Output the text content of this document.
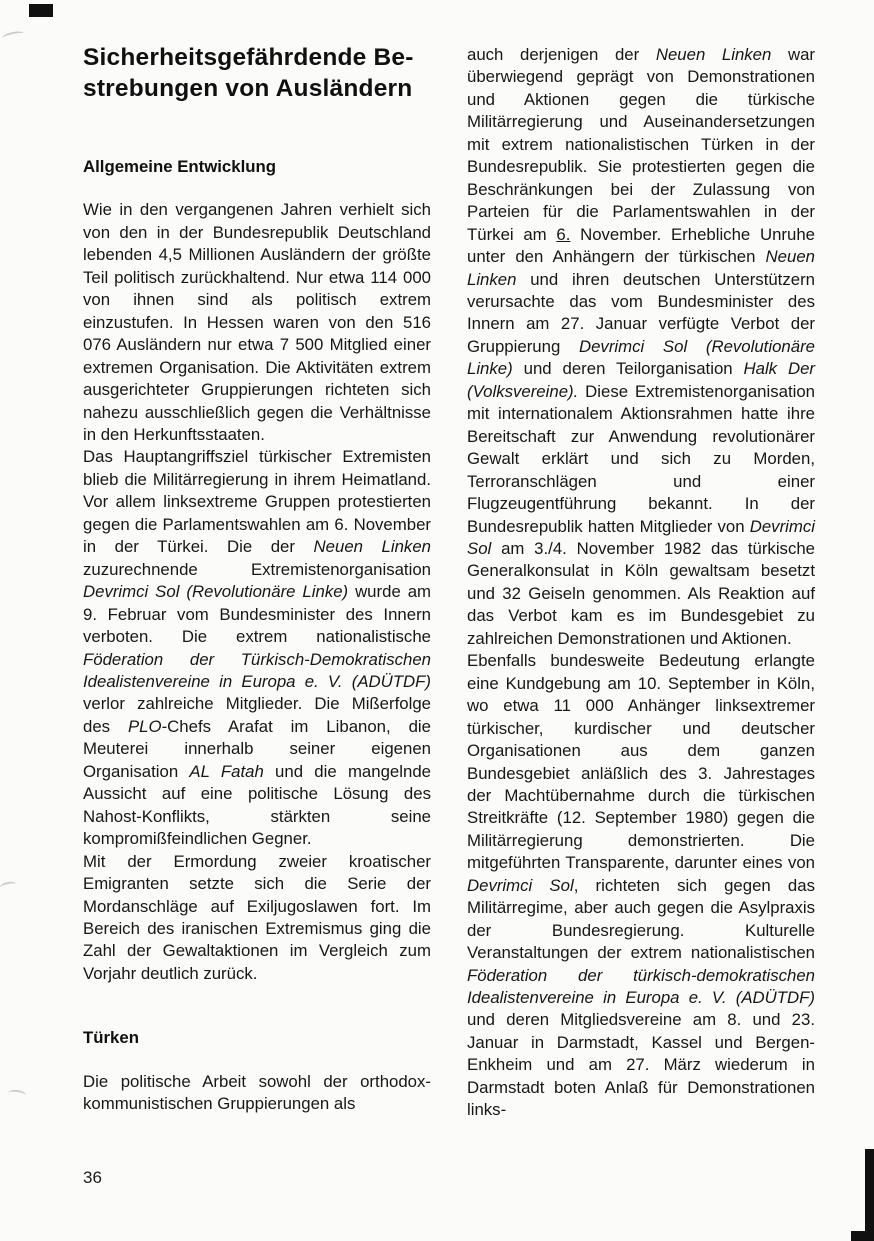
Sicherheitsgefährdende Be-
strebungen von Ausländern
Allgemeine Entwicklung

Wie in den vergangenen Jahren verhielt sich von den in der Bundesrepublik Deutschland lebenden 4,5 Millionen Ausländern der größte Teil politisch zurückhaltend. Nur etwa 114 000 von ihnen sind als politisch extrem einzustufen. In Hessen waren von den 516 076 Ausländern nur etwa 7 500 Mitglied einer extremen Organisation. Die Aktivitäten extrem ausgerichteter Gruppierungen richteten sich nahezu ausschließlich gegen die Verhältnisse in den Herkunftsstaaten.

Das Hauptangriffsziel türkischer Extremisten blieb die Militärregierung in ihrem Heimatland. Vor allem linksextreme Gruppen protestierten gegen die Parlamentswahlen am 6. November in der Türkei. Die der Neuen Linken zuzurechnende Extremistenorganisation Devrimci Sol (Revolutionäre Linke) wurde am 9. Februar vom Bundesminister des Innern verboten. Die extrem nationalistische Föderation der Türkisch-Demokratischen Idealistenvereine in Europa e. V. (ADÜTDF) verlor zahlreiche Mitglieder. Die Mißerfolge des PLO-Chefs Arafat im Libanon, die Meuterei innerhalb seiner eigenen Organisation AL Fatah und die mangelnde Aussicht auf eine politische Lösung des Nahost-Konflikts, stärkten seine kompromißfeindlichen Gegner.

Mit der Ermordung zweier kroatischer Emigranten setzte sich die Serie der Mordanschläge auf Exiljugoslawen fort. Im Bereich des iranischen Extremismus ging die Zahl der Gewaltaktionen im Vergleich zum Vorjahr deutlich zurück.

Türken

Die politische Arbeit sowohl der orthodox-kommunistischen Gruppierungen als

auch derjenigen der Neuen Linken war überwiegend geprägt von Demonstrationen und Aktionen gegen die türkische Militärregierung und Auseinandersetzungen mit extrem nationalistischen Türken in der Bundesrepublik. Sie protestierten gegen die Beschränkungen bei der Zulassung von Parteien für die Parlamentswahlen in der Türkei am 6. November. Erhebliche Unruhe unter den Anhängern der türkischen Neuen Linken und ihren deutschen Unterstützern verursachte das vom Bundesminister des Innern am 27. Januar verfügte Verbot der Gruppierung Devrimci Sol (Revolutionäre Linke) und deren Teilorganisation Halk Der (Volksvereine). Diese Extremistenorganisation mit internationalem Aktionsrahmen hatte ihre Bereitschaft zur Anwendung revolutionärer Gewalt erklärt und sich zu Morden, Terroranschlägen und einer Flugzeugentführung bekannt. In der Bundesrepublik hatten Mitglieder von Devrimci Sol am 3./4. November 1982 das türkische Generalkonsulat in Köln gewaltsam besetzt und 32 Geiseln genommen. Als Reaktion auf das Verbot kam es im Bundesgebiet zu zahlreichen Demonstrationen und Aktionen.

Ebenfalls bundesweite Bedeutung erlangte eine Kundgebung am 10. September in Köln, wo etwa 11 000 Anhänger linksextremer türkischer, kurdischer und deutscher Organisationen aus dem ganzen Bundesgebiet anläßlich des 3. Jahrestages der Machtübernahme durch die türkischen Streitkräfte (12. September 1980) gegen die Militärregierung demonstrierten. Die mitgeführten Transparente, darunter eines von Devrimci Sol, richteten sich gegen das Militärregime, aber auch gegen die Asylpraxis der Bundesregierung. Kulturelle Veranstaltungen der extrem nationalistischen Föderation der türkisch-demokratischen Idealistenvereine in Europa e. V. (ADÜTDF) und deren Mitgliedsvereine am 8. und 23. Januar in Darmstadt, Kassel und Bergen-Enkheim und am 27. März wiederum in Darmstadt boten Anlaß für Demonstrationen links-

36
